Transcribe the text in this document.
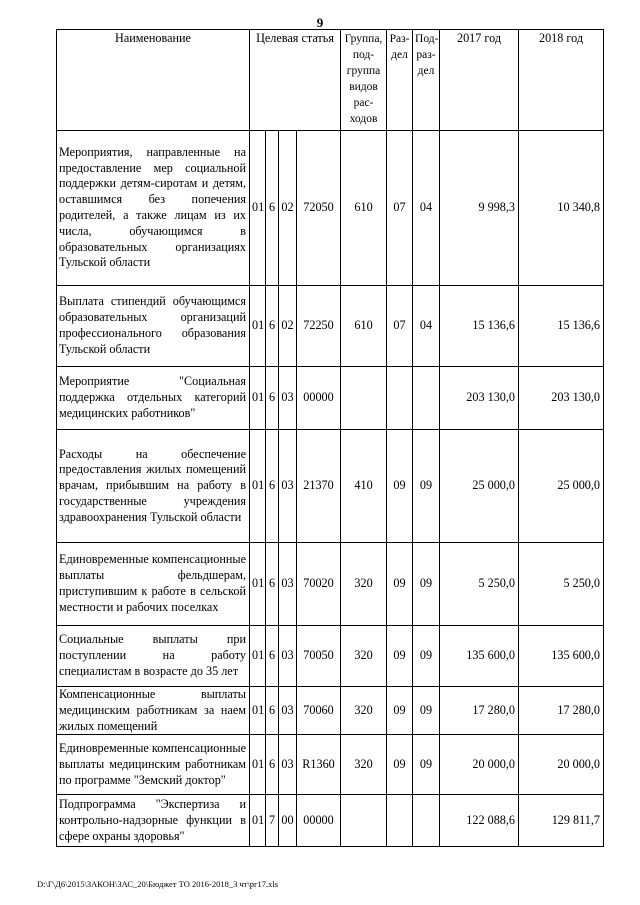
9
Наименование	Целевая статья				Группа, под- группа видов рас- ходов	Раз- дел	Под- раз- дел	2017 год	2018 год
Мероприятия, направленные на предоставление мер социальной поддержки детям-сиротам и детям, оставшимся без попечения родителей, а также лицам из их числа, обучающимся в образовательных организациях Тульской области	01	6	02	72050	610	07	04	9 998,3	10 340,8
Выплата стипендий обучающимся образовательных организаций профессионального образования Тульской области	01	6	02	72250	610	07	04	15 136,6	15 136,6
Мероприятие "Социальная поддержка отдельных категорий медицинских работников"	01	6	03	00000				203 130,0	203 130,0
Расходы на обеспечение предоставления жилых помещений врачам, прибывшим на работу в государственные учреждения здравоохранения Тульской области	01	6	03	21370	410	09	09	25 000,0	25 000,0
Единовременные компенсационные выплаты фельдшерам, приступившим к работе в сельской местности и рабочих поселках	01	6	03	70020	320	09	09	5 250,0	5 250,0
Социальные выплаты при поступлении на работу специалистам в возрасте до 35 лет	01	6	03	70050	320	09	09	135 600,0	135 600,0
Компенсационные выплаты медицинским работникам за наем жилых помещений	01	6	03	70060	320	09	09	17 280,0	17 280,0
Единовременные компенсационные выплаты медицинским работникам по программе "Земский доктор"	01	6	03	R1360	320	09	09	20 000,0	20 000,0
Подпрограмма "Экспертиза и контрольно-надзорные функции в сфере охраны здоровья"	01	7	00	00000				122 088,6	129 811,7
D:\Г\Д6\2015\ЗАКОН\ЗАС_20\Бюджет ТО 2016-2018_3 чт\рг17.xls
